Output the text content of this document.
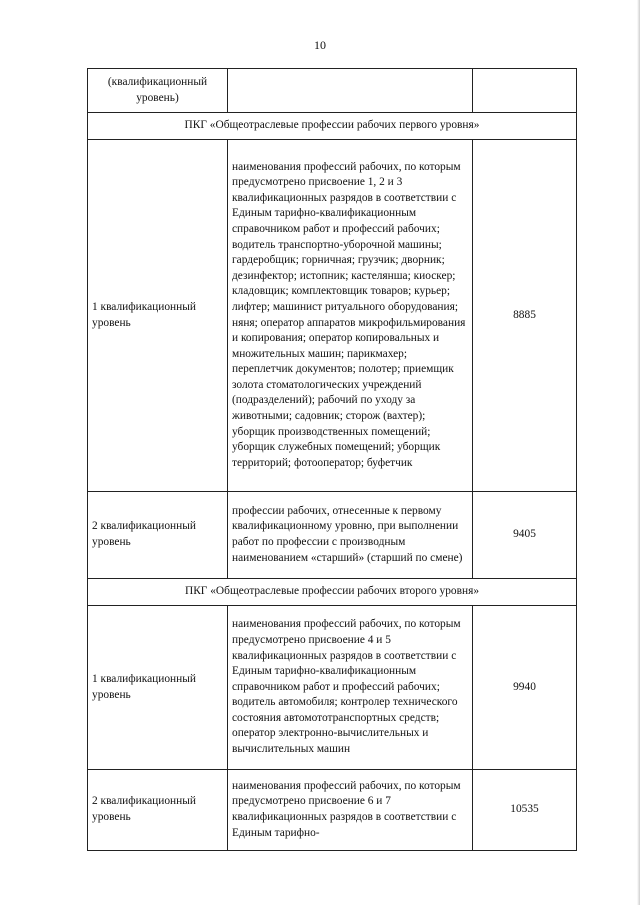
10
(квалификационный уровень)		
ПКГ «Общеотраслевые профессии рабочих первого уровня»		
1 квалификационный уровень	наименования профессий рабочих, по которым предусмотрено присвоение 1, 2 и 3 квалификационных разрядов в соответствии с Единым тарифно-квалификационным справочником работ и профессий рабочих; водитель транспортно-уборочной машины; гардеробщик; горничная; грузчик; дворник; дезинфектор; истопник; кастелянша; киоскер; кладовщик; комплектовщик товаров; курьер; лифтер; машинист ритуального оборудования; няня; оператор аппаратов микрофильмирования и копирования; оператор копировальных и множительных машин; парикмахер; переплетчик документов; полотер; приемщик золота стоматологических учреждений (подразделений); рабочий по уходу за животными; садовник; сторож (вахтер); уборщик производственных помещений; уборщик служебных помещений; уборщик территорий; фотооператор; буфетчик	8885
2 квалификационный уровень	профессии рабочих, отнесенные к первому квалификационному уровню, при выполнении работ по профессии с производным наименованием «старший» (старший по смене)	9405
ПКГ «Общеотраслевые профессии рабочих второго уровня»		
1 квалификационный уровень	наименования профессий рабочих, по которым предусмотрено присвоение 4 и 5 квалификационных разрядов в соответствии с Единым тарифно-квалификационным справочником работ и профессий рабочих; водитель автомобиля; контролер технического состояния автомототранспортных средств; оператор электронно-вычислительных и вычислительных машин	9940
2 квалификационный уровень	наименования профессий рабочих, по которым предусмотрено присвоение 6 и 7 квалификационных разрядов в соответствии с Единым тарифно-	10535
